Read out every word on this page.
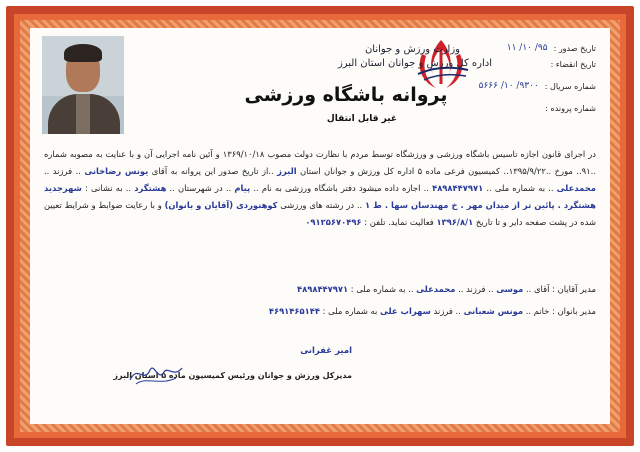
وزارت ورزش و جوانان
اداره کل ورزش و جوانان استان البرز
پروانه باشگاه ورزشی
غیر قابل انتقال
تاریخ صدور :
۹۵/ ۱۰/ ۱۱
تاریخ انقضاء :
شماره سریال :
۹۳۰۰/ ۱۰/ ۵۶۶۶
شماره پرونده :
در اجرای قانون اجازه تاسیس باشگاه ورزشی و ورزشگاه توسط مردم با نظارت دولت مصوب ۱۳۶۹/۱۰/۱۸ و آئین نامه اجرایی آن و با عنایت به مصوبه شماره ..۹۱.. مورخ ..۱۳۹۵/۹/۲۲.. کمیسیون فرعی ماده ۵ اداره کل ورزش و جوانان استان البرز ..از تاریخ صدور این پروانه به آقای یونس رضاخانی .. فرزند .. محمدعلی .. به شماره ملی .. ۴۸۹۸۴۴۷۹۷۱ .. اجازه داده میشود دفتر باشگاه ورزشی به نام .. پیام .. در شهرستان .. هشتگرد .. به نشانی : شهرجدید هشتگرد . پائین تر از میدان مهر . خ مهندسان سها . ط ۱ .. در رشته های ورزشی کوهنوردی (آقایان و بانوان) و با رعایت ضوابط و شرایط تعیین شده در پشت صفحه دایر و تا تاریخ ۱۳۹۶/۸/۱ فعالیت نماید. تلفن : ۰۹۱۲۵۶۷۰۴۹۶
مدیر آقایان : آقای .. موسی .. فرزند .. محمدعلی .. به شماره ملی : ۴۸۹۸۴۴۷۹۷۱
مدیر بانوان : خانم .. مونس شعبانی .. فرزند سهراب علی به شماره ملی : ۴۶۹۱۴۶۵۱۴۴
امیر غفرانی
مدیرکل ورزش و جوانان ورئیس کمیسیون ماده ۵ استان البرز
